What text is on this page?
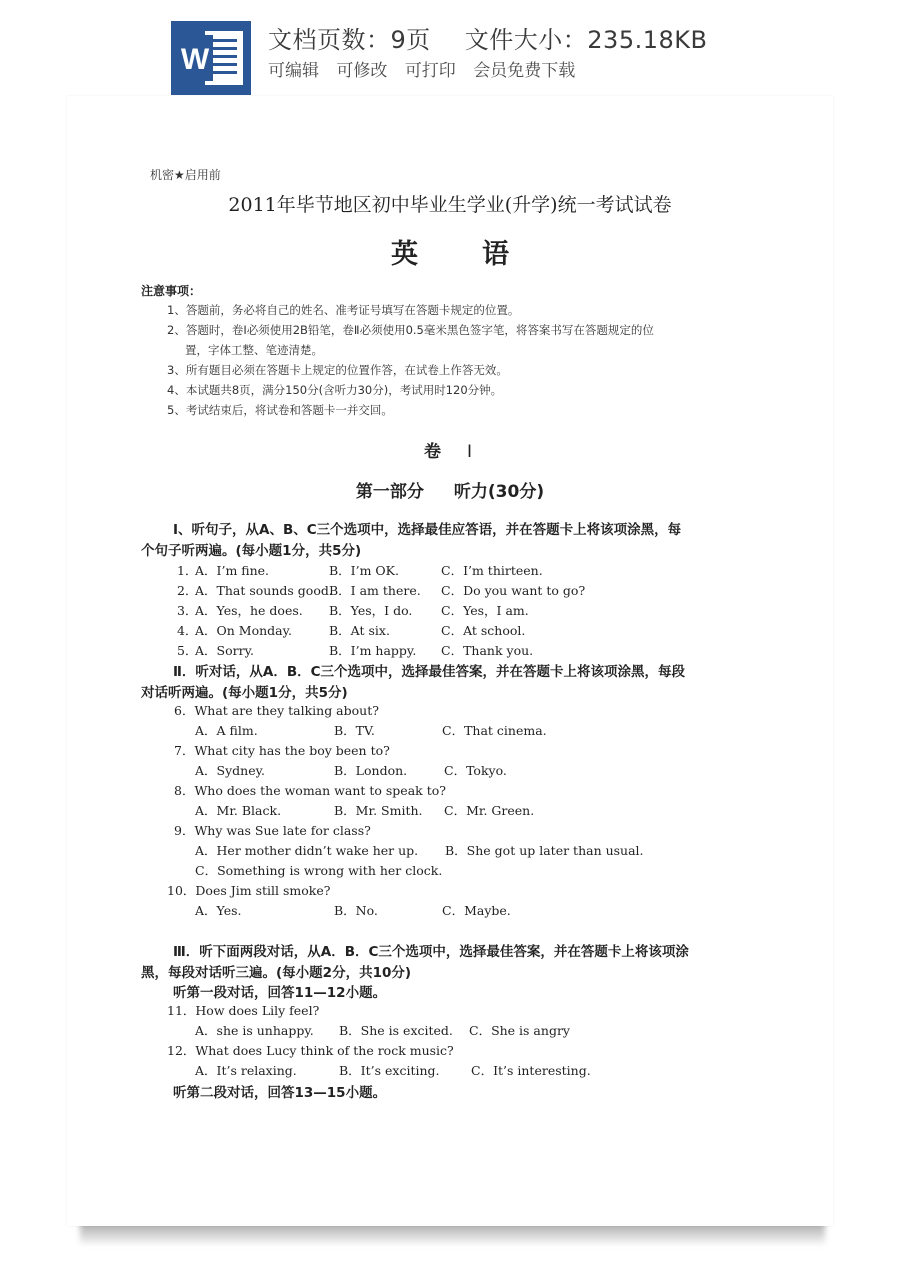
W
文档页数：9页 文件大小：235.18KB
可编辑 可修改 可打印 会员免费下载
机密★启用前
2011年毕节地区初中毕业生学业(升学)统一考试试卷
英语
注意事项：
1、答题前，务必将自己的姓名、准考证号填写在答题卡规定的位置。
2、答题时，卷Ⅰ必须使用2B铅笔，卷Ⅱ必须使用0.5毫米黑色签字笔，将答案书写在答题规定的位
置，字体工整、笔迹清楚。
3、所有题目必须在答题卡上规定的位置作答，在试卷上作答无效。
4、本试题共8页，满分150分(含听力30分)，考试用时120分钟。
5、考试结束后，将试卷和答题卡一并交回。
卷 Ⅰ
第一部分 听力(30分)
Ⅰ、听句子，从A、B、C三个选项中，选择最佳应答语，并在答题卡上将该项涂黑，每
个句子听两遍。(每小题1分，共5分)
1．
A．I’m fine.	B．I’m OK.	C．I’m thirteen.
2．
A．That sounds good.
B．I am there. C．Do you want to go?
3．
A．Yes，he does. B．Yes，I do. C．Yes，I am.
4．
A．On Monday.	B．At six.	C．At school.
5．
A．Sorry.	B．I’m happy. C．Thank you.
Ⅱ．听对话，从A．B．C三个选项中，选择最佳答案，并在答题卡上将该项涂黑，每段
对话听两遍。(每小题1分，共5分)
6．What are they talking about?
A．A film.	B．TV.	C．That cinema.
7．What city has the boy been to?
A．Sydney.	B．London.	C．Tokyo.
8．Who does the woman want to speak to?
A．Mr. Black.	B．Mr. Smith. C．Mr. Green.
9．Why was Sue late for class?
A．Her mother didn’t wake her up. B．She got up later than usual.
C．Something is wrong with her clock.
10．Does Jim still smoke?
A．Yes.	B．No.	C．Maybe.
Ⅲ．听下面两段对话，从A．B．C三个选项中，选择最佳答案，并在答题卡上将该项涂
黑，每段对话听三遍。(每小题2分，共10分)
听第一段对话，回答11—12小题。
11．How does Lily feel?
A．she is unhappy. B．She is excited. C．She is angry
12．What does Lucy think of the rock music?
A．It’s relaxing.	B．It’s exciting.	C．It’s interesting.
听第二段对话，回答13—15小题。
